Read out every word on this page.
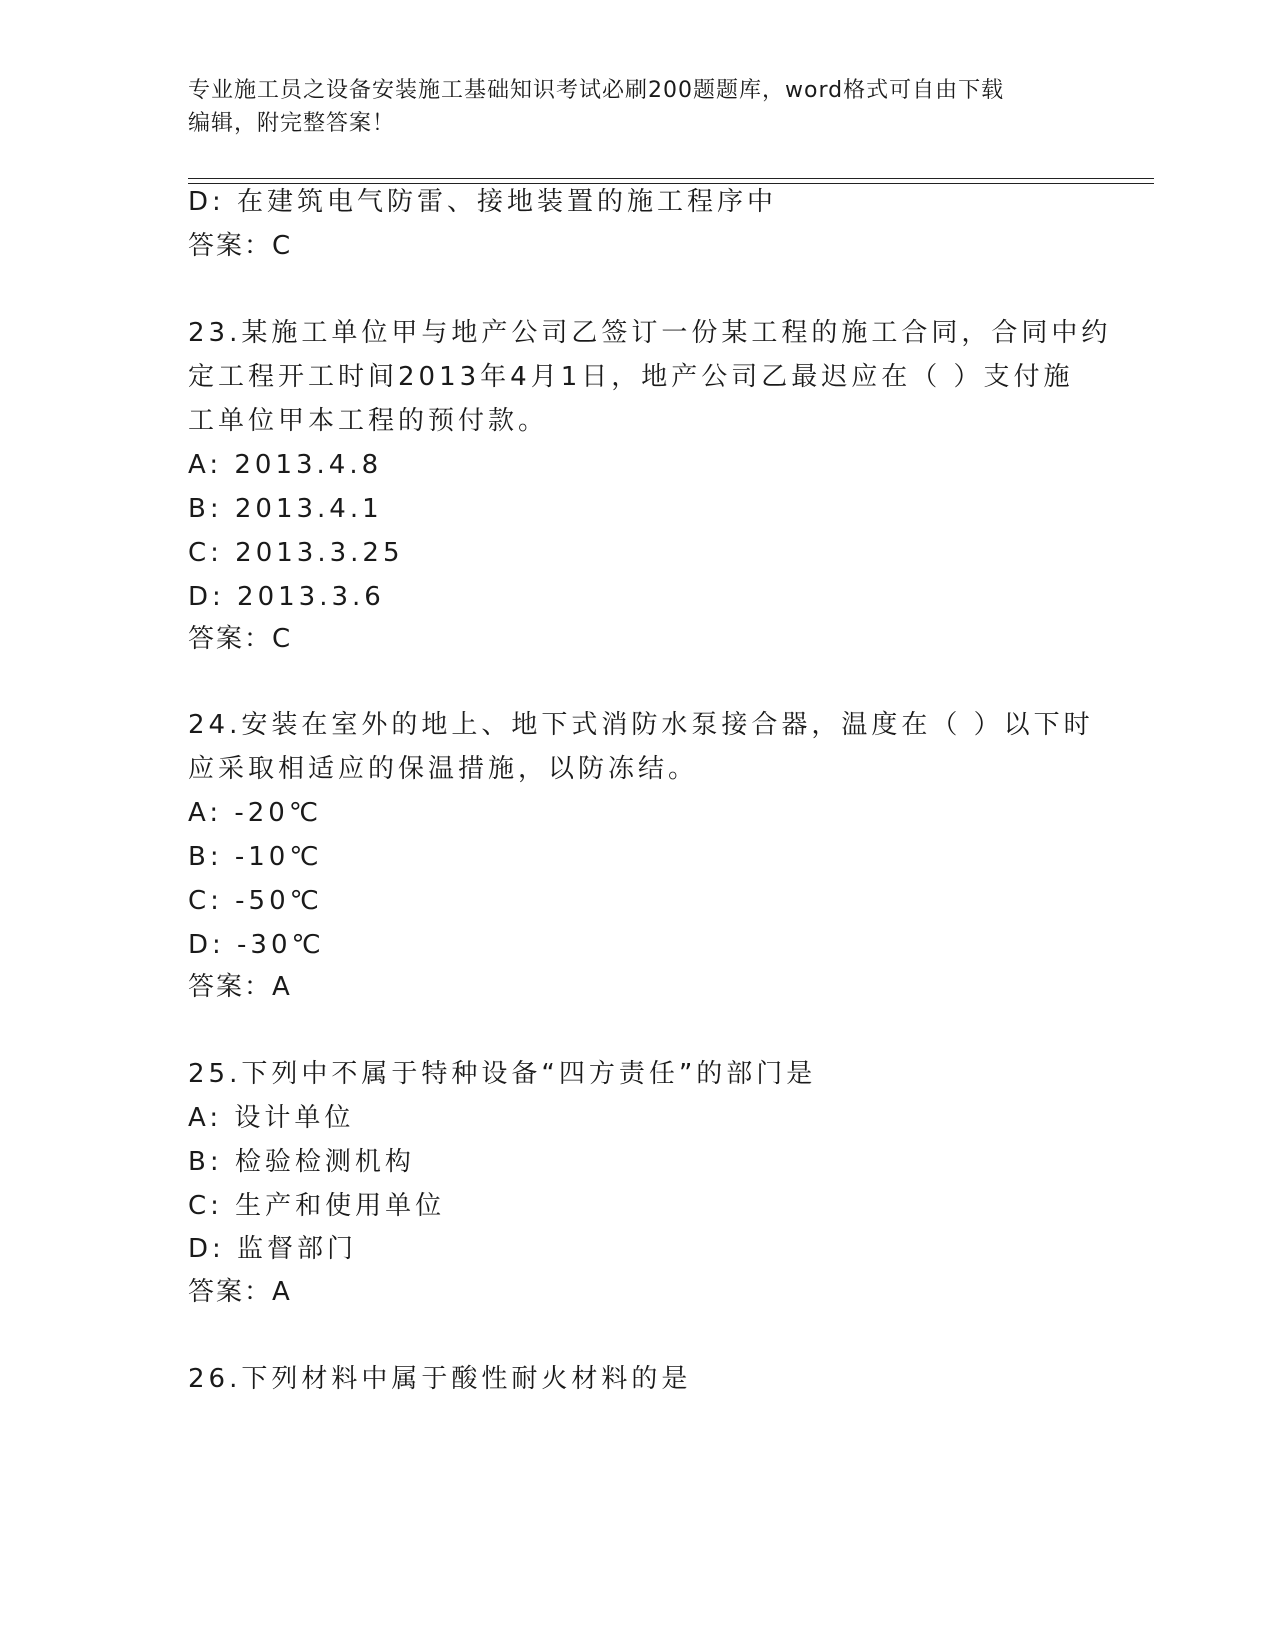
专业施工员之设备安装施工基础知识考试必刷200题题库，word格式可自由下载
编辑，附完整答案！
D: 在建筑电气防雷、接地装置的施工程序中
答案：C
23.某施工单位甲与地产公司乙签订一份某工程的施工合同，合同中约
定工程开工时间2013年4月1日，地产公司乙最迟应在（ ）支付施
工单位甲本工程的预付款。
A: 2013.4.8
B: 2013.4.1
C: 2013.3.25
D: 2013.3.6
答案：C
24.安装在室外的地上、地下式消防水泵接合器，温度在（ ）以下时
应采取相适应的保温措施，以防冻结。
A: -20℃
B: -10℃
C: -50℃
D: -30℃
答案：A
25.下列中不属于特种设备“四方责任”的部门是
A: 设计单位
B: 检验检测机构
C: 生产和使用单位
D: 监督部门
答案：A
26.下列材料中属于酸性耐火材料的是
